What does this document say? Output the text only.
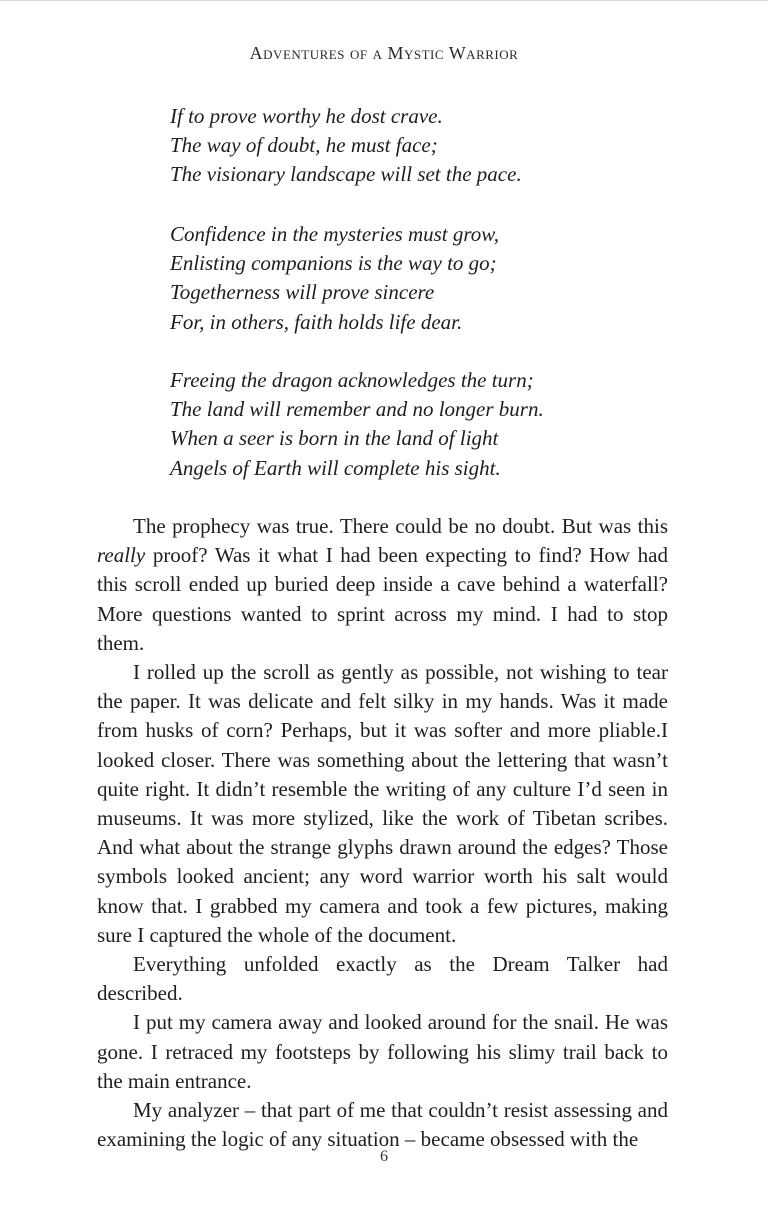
Adventures of a Mystic Warrior
If to prove worthy he dost crave.
The way of doubt, he must face;
The visionary landscape will set the pace.
Confidence in the mysteries must grow,
Enlisting companions is the way to go;
Togetherness will prove sincere
For, in others, faith holds life dear.
Freeing the dragon acknowledges the turn;
The land will remember and no longer burn.
When a seer is born in the land of light
Angels of Earth will complete his sight.

The prophecy was true. There could be no doubt. But was this really proof? Was it what I had been expecting to find? How had this scroll ended up buried deep inside a cave behind a waterfall? More questions wanted to sprint across my mind. I had to stop them.

I rolled up the scroll as gently as possible, not wishing to tear the paper. It was delicate and felt silky in my hands. Was it made from husks of corn? Perhaps, but it was softer and more pliable.I looked closer. There was something about the lettering that wasn’t quite right. It didn’t resemble the writing of any culture I’d seen in museums. It was more stylized, like the work of Tibetan scribes. And what about the strange glyphs drawn around the edges? Those symbols looked ancient; any word warrior worth his salt would know that. I grabbed my camera and took a few pictures, making sure I captured the whole of the document.

Everything unfolded exactly as the Dream Talker had described.

I put my camera away and looked around for the snail. He was gone. I retraced my footsteps by following his slimy trail back to the main entrance.

My analyzer – that part of me that couldn’t resist assessing and examining the logic of any situation – became obsessed with the

6
